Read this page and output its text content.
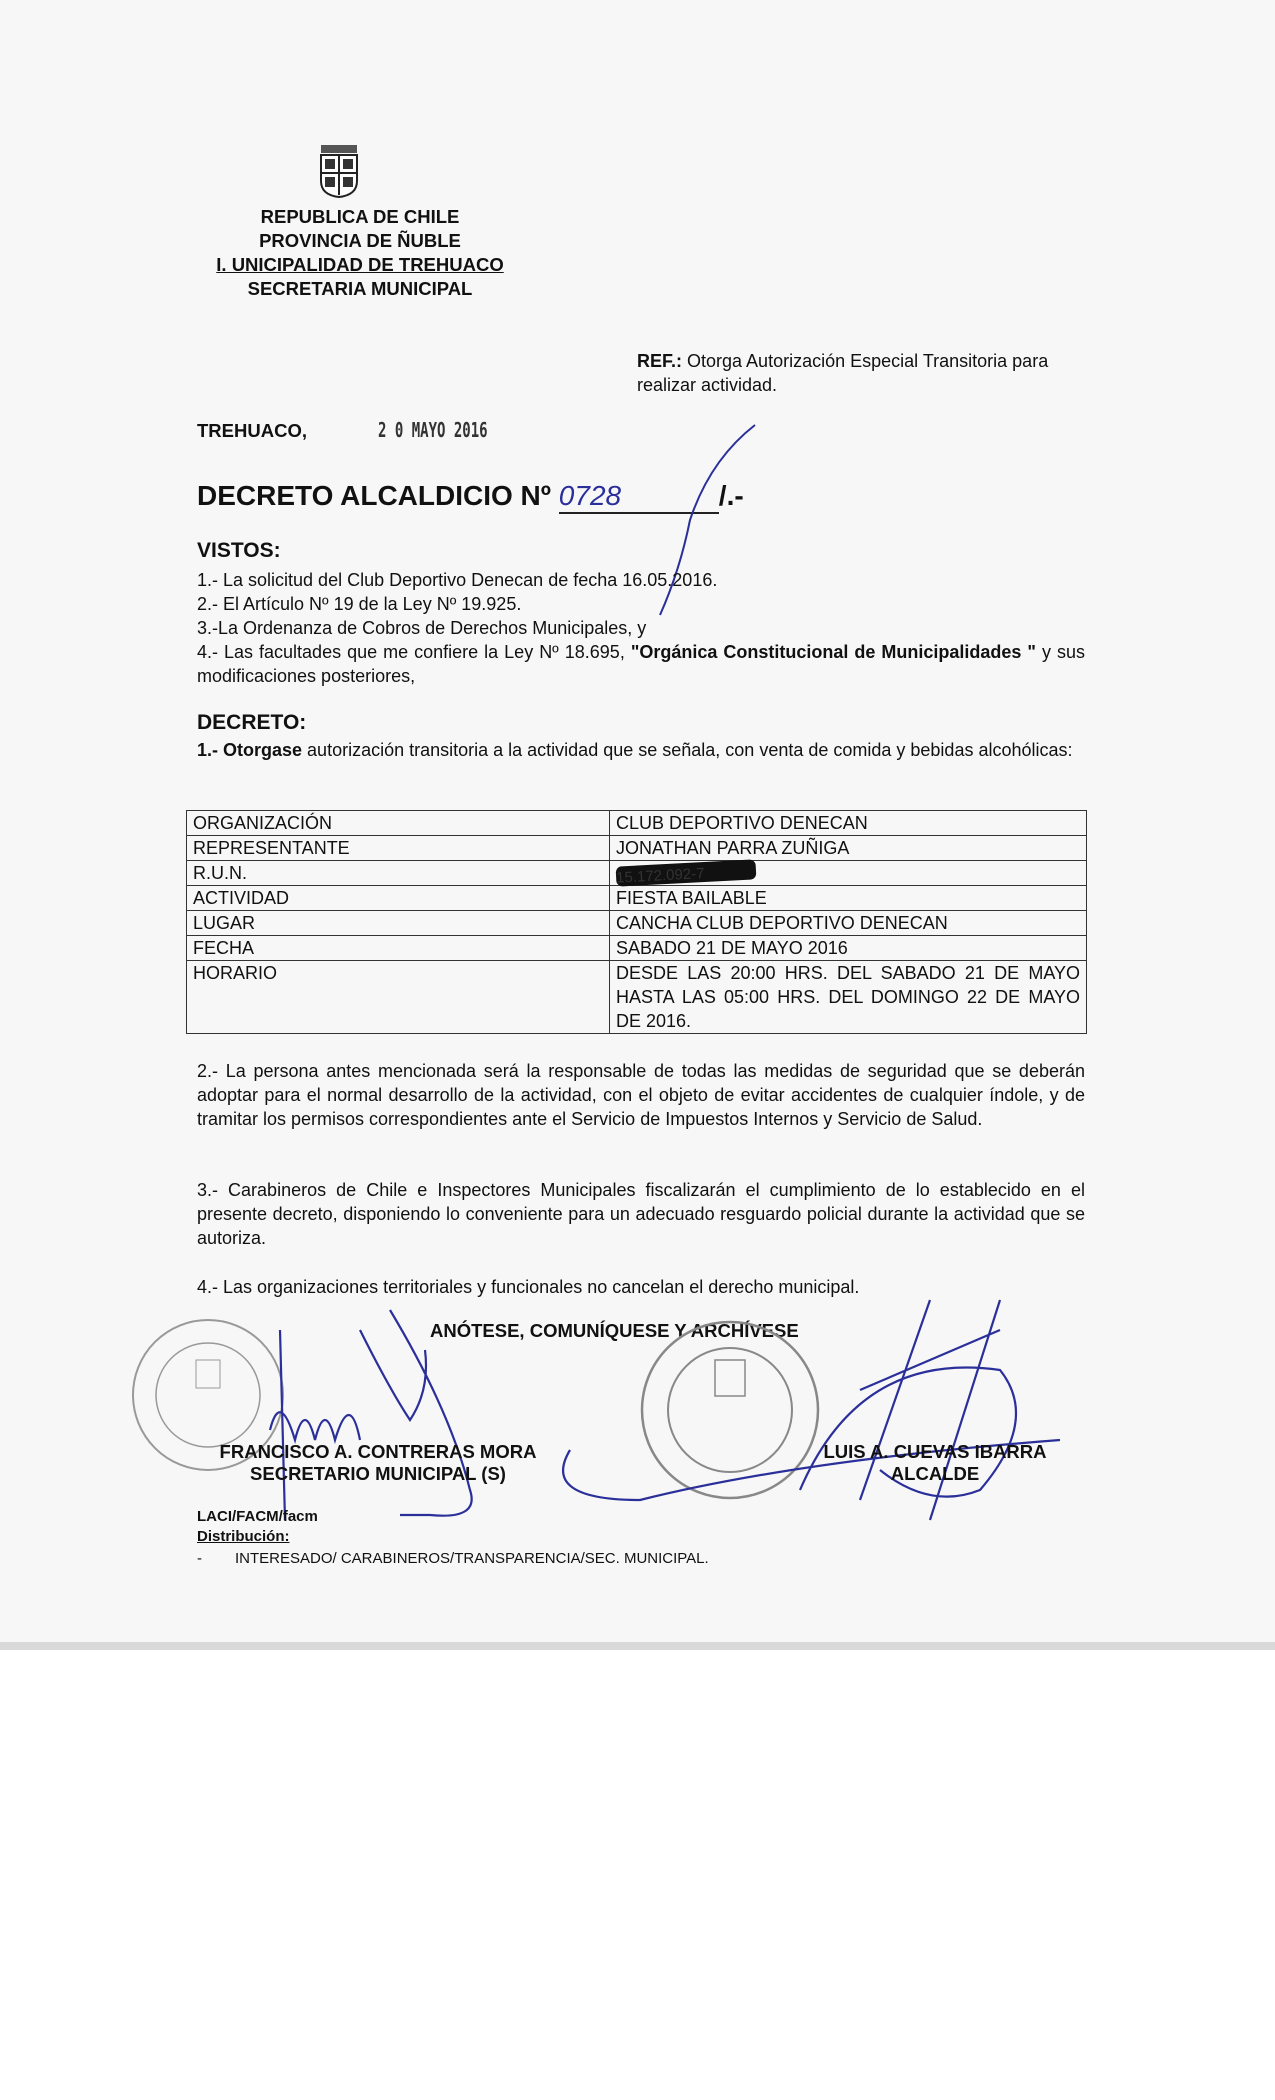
REPUBLICA DE CHILE
PROVINCIA DE ÑUBLE
I. UNICIPALIDAD DE TREHUACO
SECRETARIA MUNICIPAL
REF.: Otorga Autorización Especial Transitoria para realizar actividad.
TREHUACO,	2 0 MAYO 2016
DECRETO ALCALDICIO Nº 0728	/.-
VISTOS:
1.- La solicitud del Club Deportivo Denecan de fecha 16.05.2016.
2.- El Artículo Nº 19 de la Ley Nº 19.925.
3.-La Ordenanza de Cobros de Derechos Municipales, y
4.- Las facultades que me confiere la Ley Nº 18.695, "Orgánica Constitucional de Municipalidades " y sus modificaciones posteriores,
DECRETO:
1.- Otorgase autorización transitoria a la actividad que se señala, con venta de comida y bebidas alcohólicas:
ORGANIZACIÓN	CLUB DEPORTIVO DENECAN
REPRESENTANTE	JONATHAN PARRA ZUÑIGA
R.U.N.	15.172.092-7
ACTIVIDAD	FIESTA BAILABLE
LUGAR	CANCHA CLUB DEPORTIVO DENECAN
FECHA	SABADO 21 DE MAYO 2016
HORARIO	DESDE LAS 20:00 HRS. DEL SABADO 21 DE MAYO HASTA LAS 05:00 HRS. DEL DOMINGO 22 DE MAYO DE 2016.
2.- La persona antes mencionada será la responsable de todas las medidas de seguridad que se deberán adoptar para el normal desarrollo de la actividad, con el objeto de evitar accidentes de cualquier índole, y de tramitar los permisos correspondientes ante el Servicio de Impuestos Internos y Servicio de Salud.
3.- Carabineros de Chile e Inspectores Municipales fiscalizarán el cumplimiento de lo establecido en el presente decreto, disponiendo lo conveniente para un adecuado resguardo policial durante la actividad que se autoriza.
4.- Las organizaciones territoriales y funcionales no cancelan el derecho municipal.
ANÓTESE, COMUNÍQUESE Y ARCHÍVESE
FRANCISCO A. CONTRERAS MORA
SECRETARIO MUNICIPAL (S)
LUIS A. CUEVAS IBARRA
ALCALDE
LACI/FACM/facm
Distribución:
- INTERESADO/ CARABINEROS/TRANSPARENCIA/SEC. MUNICIPAL.
